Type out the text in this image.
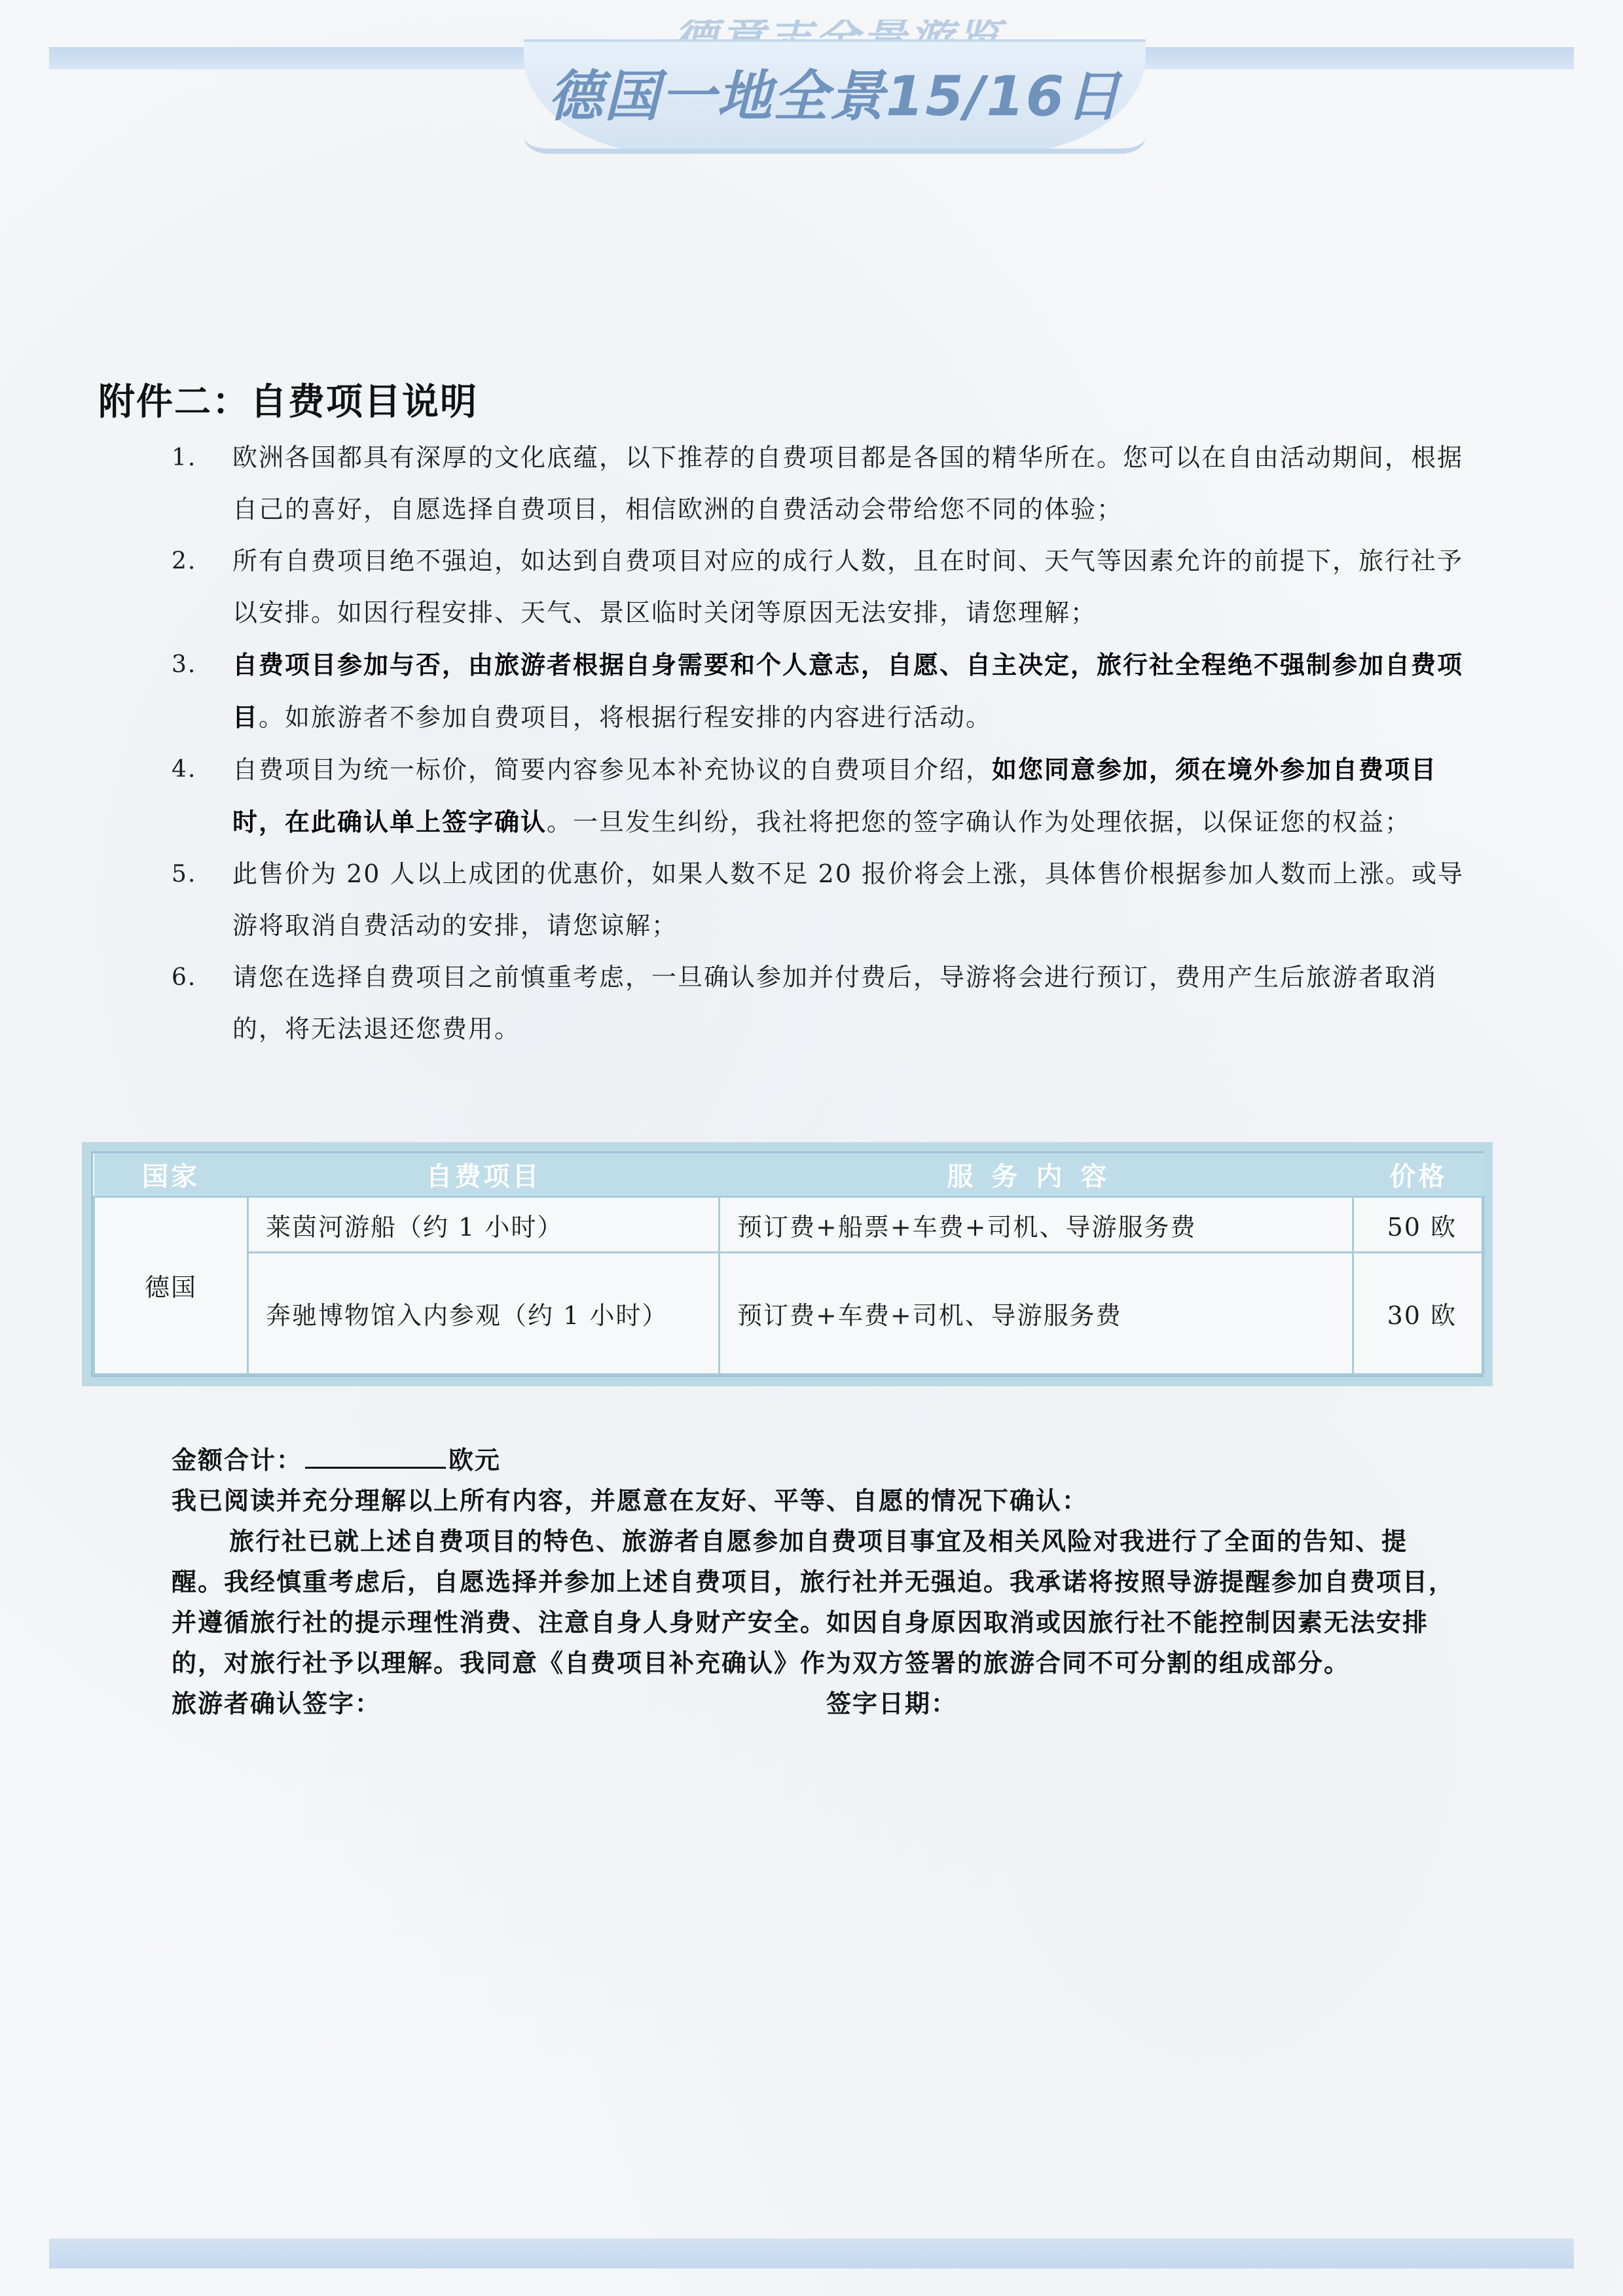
德国一地全景15/16日
附件二：自费项目说明
1.	欧洲各国都具有深厚的文化底蕴，以下推荐的自费项目都是各国的精华所在。您可以在自由活动期间，根据自己的喜好，自愿选择自费项目，相信欧洲的自费活动会带给您不同的体验；
2.	所有自费项目绝不强迫，如达到自费项目对应的成行人数，且在时间、天气等因素允许的前提下，旅行社予以安排。如因行程安排、天气、景区临时关闭等原因无法安排，请您理解；
3.	自费项目参加与否，由旅游者根据自身需要和个人意志，自愿、自主决定，旅行社全程绝不强制参加自费项目。如旅游者不参加自费项目，将根据行程安排的内容进行活动。
4.	自费项目为统一标价，简要内容参见本补充协议的自费项目介绍，如您同意参加，须在境外参加自费项目时，在此确认单上签字确认。一旦发生纠纷，我社将把您的签字确认作为处理依据，以保证您的权益；
5.	此售价为 20 人以上成团的优惠价，如果人数不足 20 报价将会上涨，具体售价根据参加人数而上涨。或导游将取消自费活动的安排，请您谅解；
6.	请您在选择自费项目之前慎重考虑，一旦确认参加并付费后，导游将会进行预订，费用产生后旅游者取消的，将无法退还您费用。
国家	自费项目	服务内容	价格
德国	莱茵河游船（约 1 小时）	预订费+船票+车费+司机、导游服务费	50 欧
	奔驰博物馆入内参观（约 1 小时）	预订费+车费+司机、导游服务费	30 欧

金额合计：	欧元

我已阅读并充分理解以上所有内容，并愿意在友好、平等、自愿的情况下确认：

旅行社已就上述自费项目的特色、旅游者自愿参加自费项目事宜及相关风险对我进行了全面的告知、提醒。我经慎重考虑后，自愿选择并参加上述自费项目，旅行社并无强迫。我承诺将按照导游提醒参加自费项目，并遵循旅行社的提示理性消费、注意自身人身财产安全。如因自身原因取消或因旅行社不能控制因素无法安排的，对旅行社予以理解。我同意《自费项目补充确认》作为双方签署的旅游合同不可分割的组成部分。

旅游者确认签字：	签字日期：
